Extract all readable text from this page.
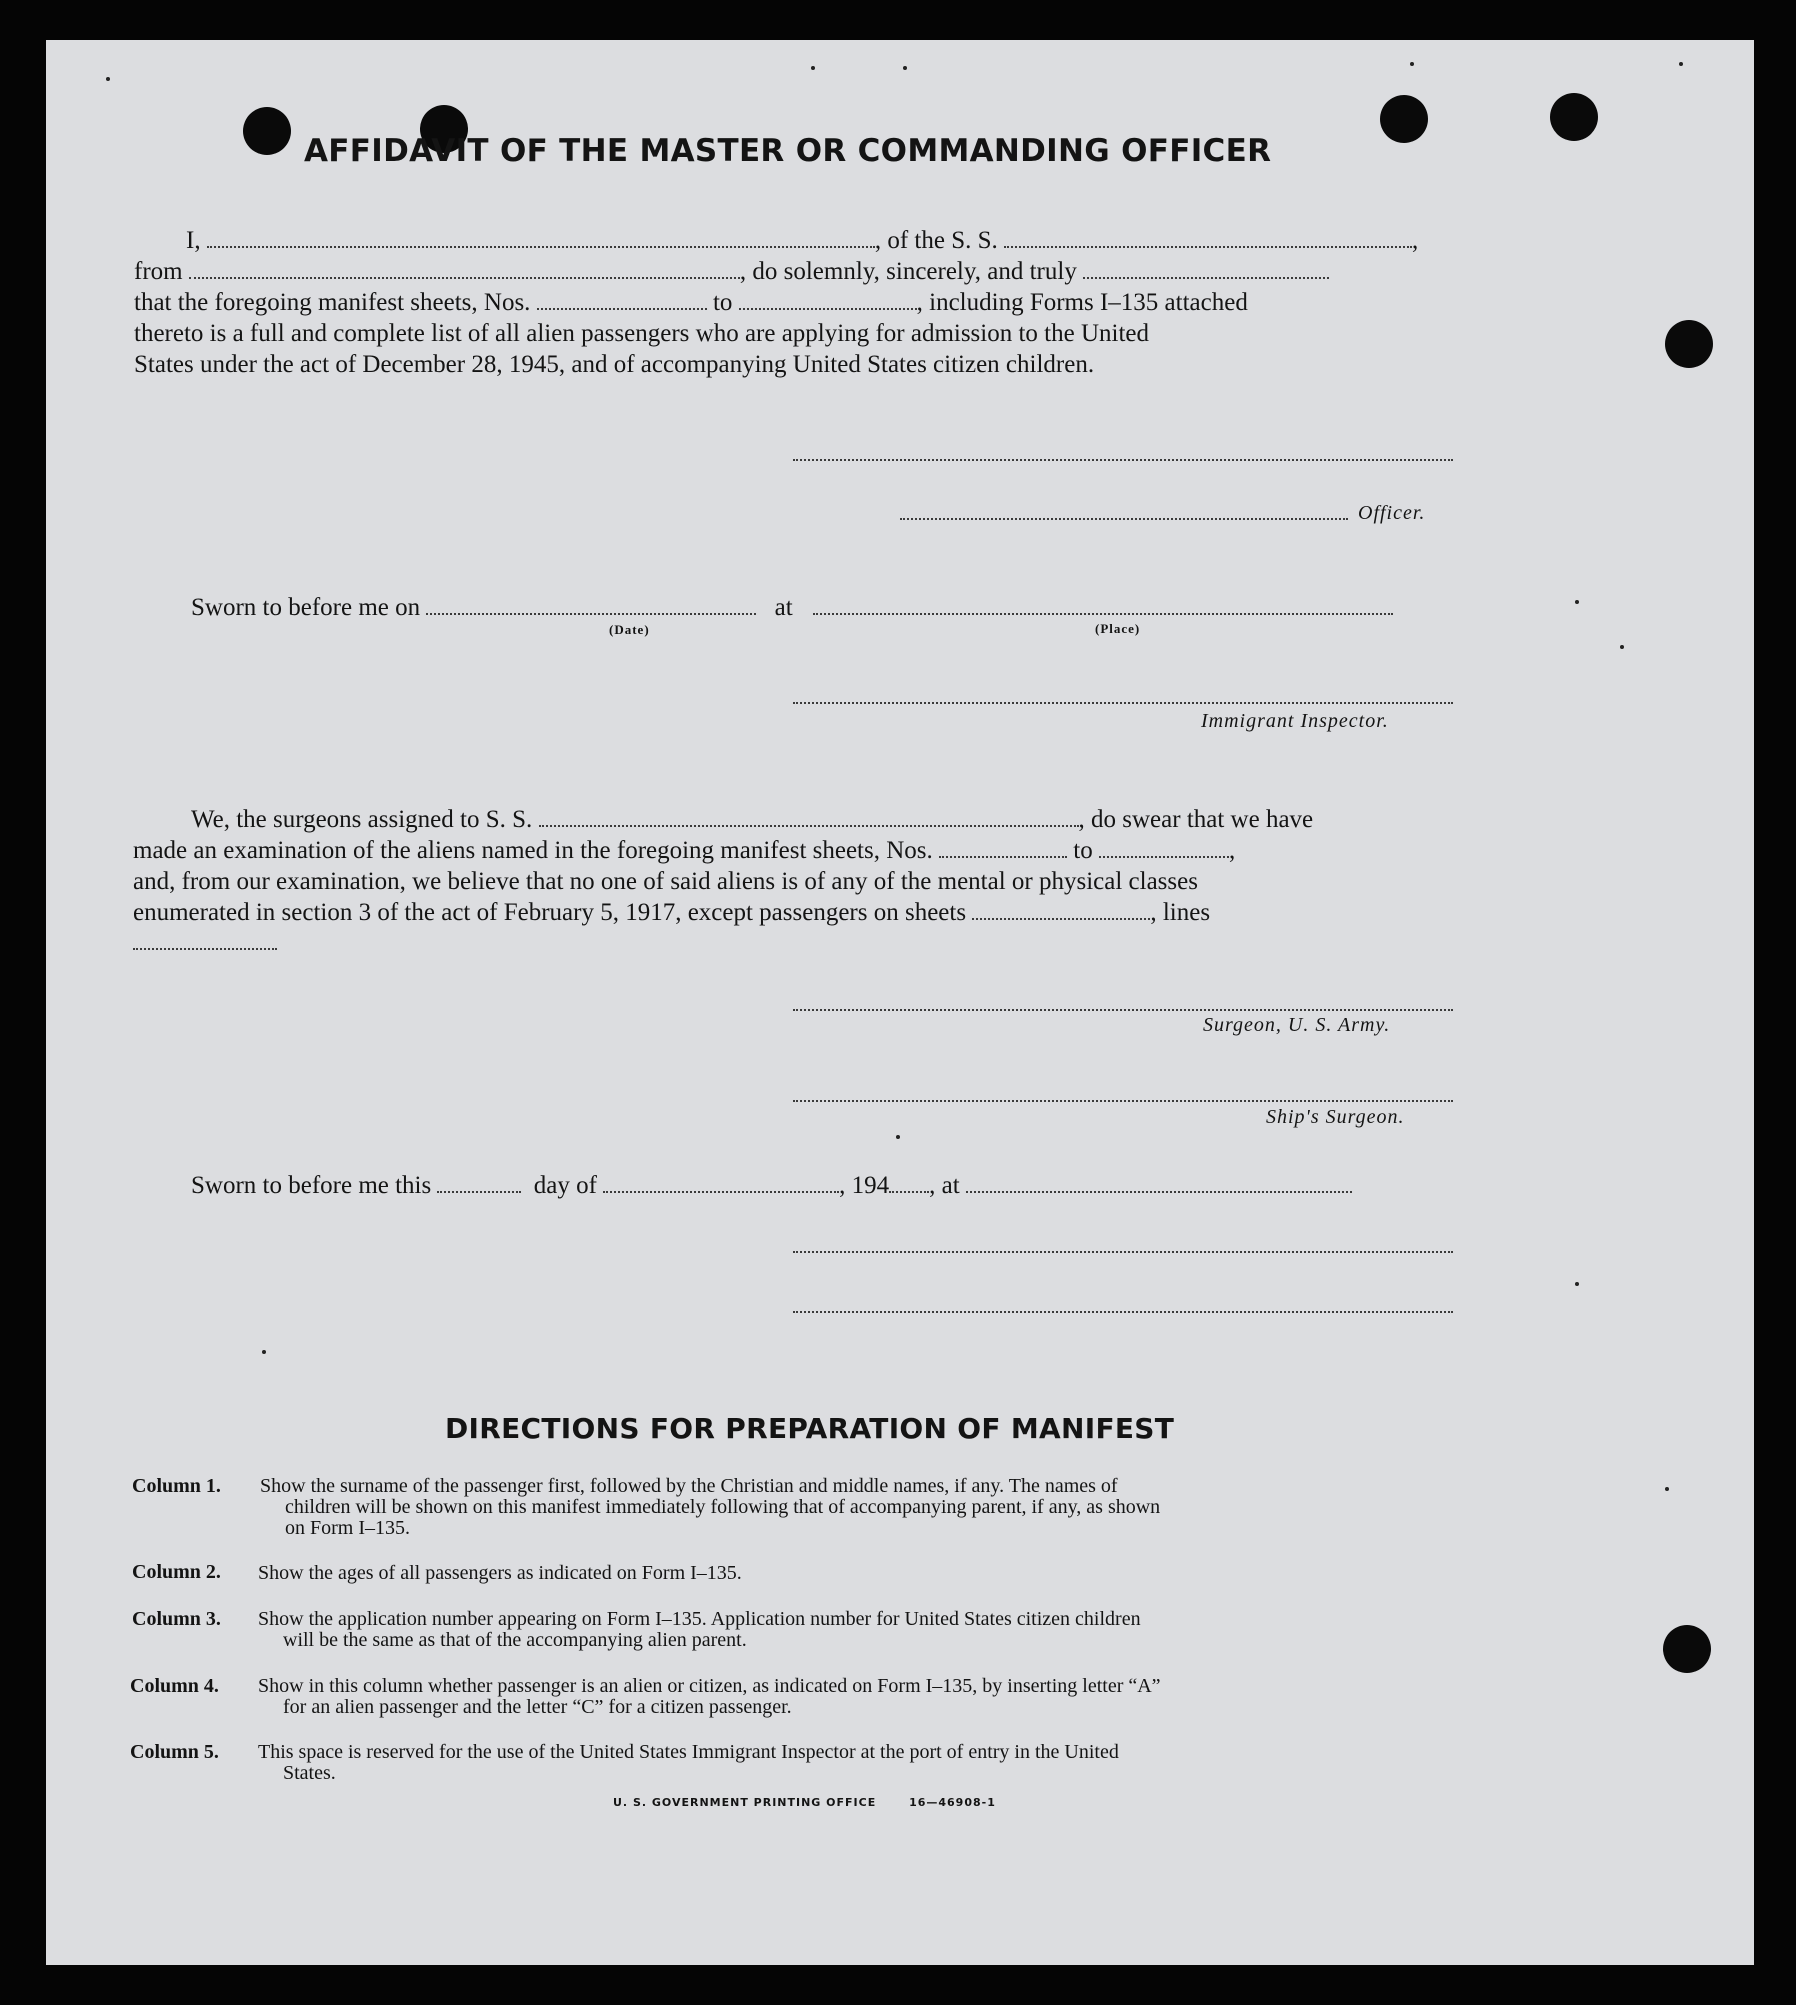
AFFIDAVIT OF THE MASTER OR COMMANDING OFFICER
I,	, of the S. S.	,
from	, do solemnly, sincerely, and truly
that the foregoing manifest sheets, Nos.	to	, including Forms I–135 attached
thereto is a full and complete list of all alien passengers who are applying for admission to the United
States under the act of December 28, 1945, and of accompanying United States citizen children.
Officer.
Sworn to before me on	at
(Date)	(Place)
Immigrant Inspector.
We, the surgeons assigned to S. S.	, do swear that we have
made an examination of the aliens named in the foregoing manifest sheets, Nos.	to	,
and, from our examination, we believe that no one of said aliens is of any of the mental or physical classes
enumerated in section 3 of the act of February 5, 1917, except passengers on sheets	, lines
Surgeon, U. S. Army.
Ship's Surgeon.
Sworn to before me this	day of	, 194 , at
DIRECTIONS FOR PREPARATION OF MANIFEST
Column 1. Show the surname of the passenger first, followed by the Christian and middle names, if any. The names of
children will be shown on this manifest immediately following that of accompanying parent, if any, as shown
on Form I–135.
Column 2. Show the ages of all passengers as indicated on Form I–135.
Column 3. Show the application number appearing on Form I–135. Application number for United States citizen children
will be the same as that of the accompanying alien parent.
Column 4. Show in this column whether passenger is an alien or citizen, as indicated on Form I–135, by inserting letter “A”
for an alien passenger and the letter “C” for a citizen passenger.
Column 5. This space is reserved for the use of the United States Immigrant Inspector at the port of entry in the United
States.
U. S. GOVERNMENT PRINTING OFFICE	16—46908-1
